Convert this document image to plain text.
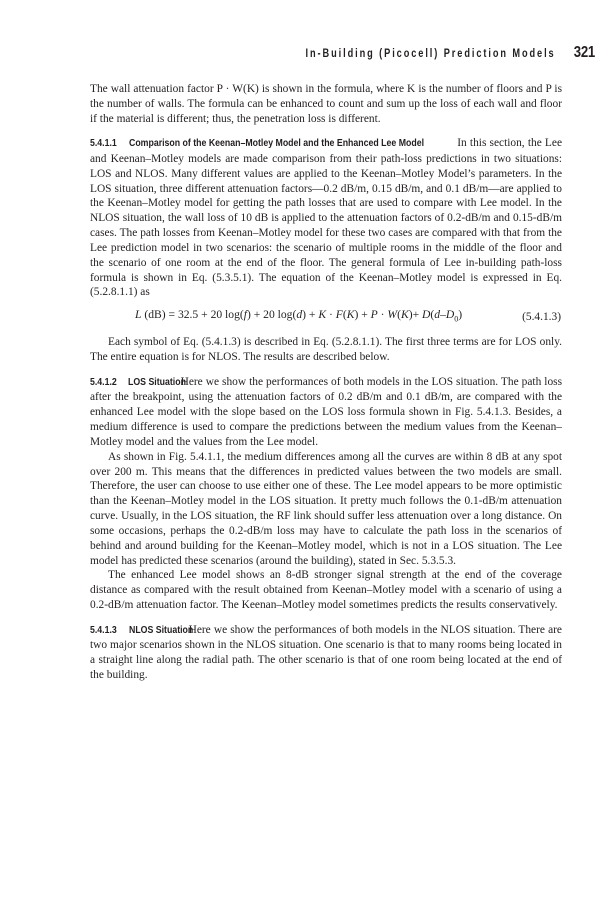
In-Building (Picocell) Prediction Models 321

The wall attenuation factor P · W(K) is shown in the formula, where K is the number of floors and P is the number of walls. The formula can be enhanced to count and sum up the loss of each wall and floor if the material is different; thus, the penetration loss is different.

5.4.1.1 Comparison of the Keenan–Motley Model and the Enhanced Lee Model	In this section, the Lee and Keenan–Motley models are made comparison from their path-loss predictions in two situations: LOS and NLOS. Many different values are applied to the Keenan–Motley Model’s parameters. In the LOS situation, three different attenuation factors—0.2 dB/m, 0.15 dB/m, and 0.1 dB/m—are applied to the Keenan–Motley model for getting the path losses that are used to compare with Lee model. In the NLOS situation, the wall loss of 10 dB is applied to the attenuation factors of 0.2-dB/m and 0.15-dB/m cases. The path losses from Keenan–Motley model for these two cases are compared with that from the Lee prediction model in two scenarios: the scenario of multiple rooms in the middle of the floor and the scenario of one room at the end of the floor. The general formula of Lee in-building path-loss formula is shown in Eq. (5.3.5.1). The equation of the Keenan–Motley model is expressed in Eq. (5.2.8.1.1) as

L (dB) = 32.5 + 20 log(f) + 20 $\log(d) + K \cdot F(K) + P \cdot W(K)+ D(d-D_0)$	(5.4.1.3)

Each symbol of Eq. (5.4.1.3) is described in Eq. (5.2.8.1.1). The first three terms are for LOS only. The entire equation is for NLOS. The results are described below.

5.4.1.2 LOS Situation   Here we show the performances of both models in the LOS situation. The path loss after the breakpoint, using the attenuation factors of 0.2 dB/m and 0.1 dB/m, are compared with the enhanced Lee model with the slope based on the LOS loss formula shown in Fig. 5.4.1.3. Besides, a medium difference is used to compare the predictions between the medium values from the Keenan–Motley model and the values from the Lee model.

As shown in Fig. 5.4.1.1, the medium differences among all the curves are within 8 dB at any spot over 200 m. This means that the differences in predicted values between the two models are small. Therefore, the user can choose to use either one of these. The Lee model appears to be more optimistic than the Keenan–Motley model in the LOS situation. It pretty much follows the 0.1-dB/m attenuation curve. Usually, in the LOS situation, the RF link should suffer less attenuation over a long distance. On some occasions, perhaps the 0.2-dB/m loss may have to calculate the path loss in the scenarios of behind and around building for the Keenan–Motley model, which is not in a LOS situation. The Lee model has predicted these scenarios (around the building), stated in Sec. 5.3.5.3.

The enhanced Lee model shows an 8-dB stronger signal strength at the end of the coverage distance as compared with the result obtained from Keenan–Motley model with a scenario of using a 0.2-dB/m attenuation factor. The Keenan–Motley model sometimes predicts the results conservatively.

5.4.1.3 NLOS Situation   Here we show the performances of both models in the NLOS situation. There are two major scenarios shown in the NLOS situation. One scenario is that to many rooms being located in a straight line along the radial path. The other scenario is that of one room being located at the end of the building.
